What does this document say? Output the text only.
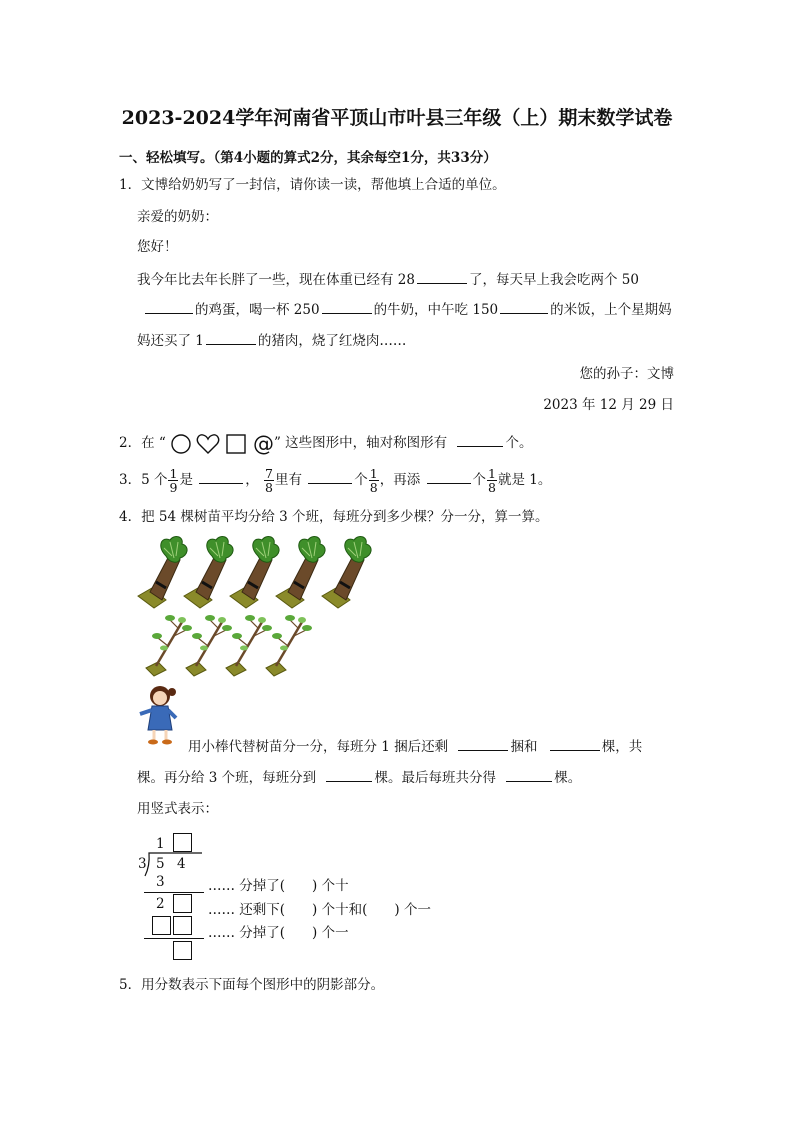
2023-2024学年河南省平顶山市叶县三年级（上）期末数学试卷
一、轻松填写。（第4小题的算式2分，其余每空1分，共33分）
1．文博给奶奶写了一封信，请你读一读，帮他填上合适的单位。
亲爱的奶奶：
您好！
我今年比去年长胖了一些，现在体重已经有 28	了，每天早上我会吃两个 50
的鸡蛋，喝一杯 250	的牛奶，中午吃 150	的米饭，上个星期妈
妈还买了 1	的猪肉，烧了红烧肉……
您的孙子：文博
2023 年 12 月 29 日
2．在 “	@” 这些图形中，轴对称图形有	个。
3．5 个 $\frac{1}{9}$ 是	， $\frac{7}{8}$ 里有	个 $\frac{1}{8}$ ，再添	个 $\frac{1}{8}$ 就是 1。
4．把 54 棵树苗平均分给 3 个班，每班分到多少棵？分一分，算一算。
用小棒代替树苗分一分，每班分 1 捆后还剩	捆和	棵，共
棵。再分给 3 个班，每班分到	棵。最后每班共分得	棵。
用竖式表示：
1
3 5 4
3
2
…… 分掉了(　　) 个十
…… 还剩下(　　) 个十和(　　) 个一
…… 分掉了(　　) 个一
5．用分数表示下面每个图形中的阴影部分。
